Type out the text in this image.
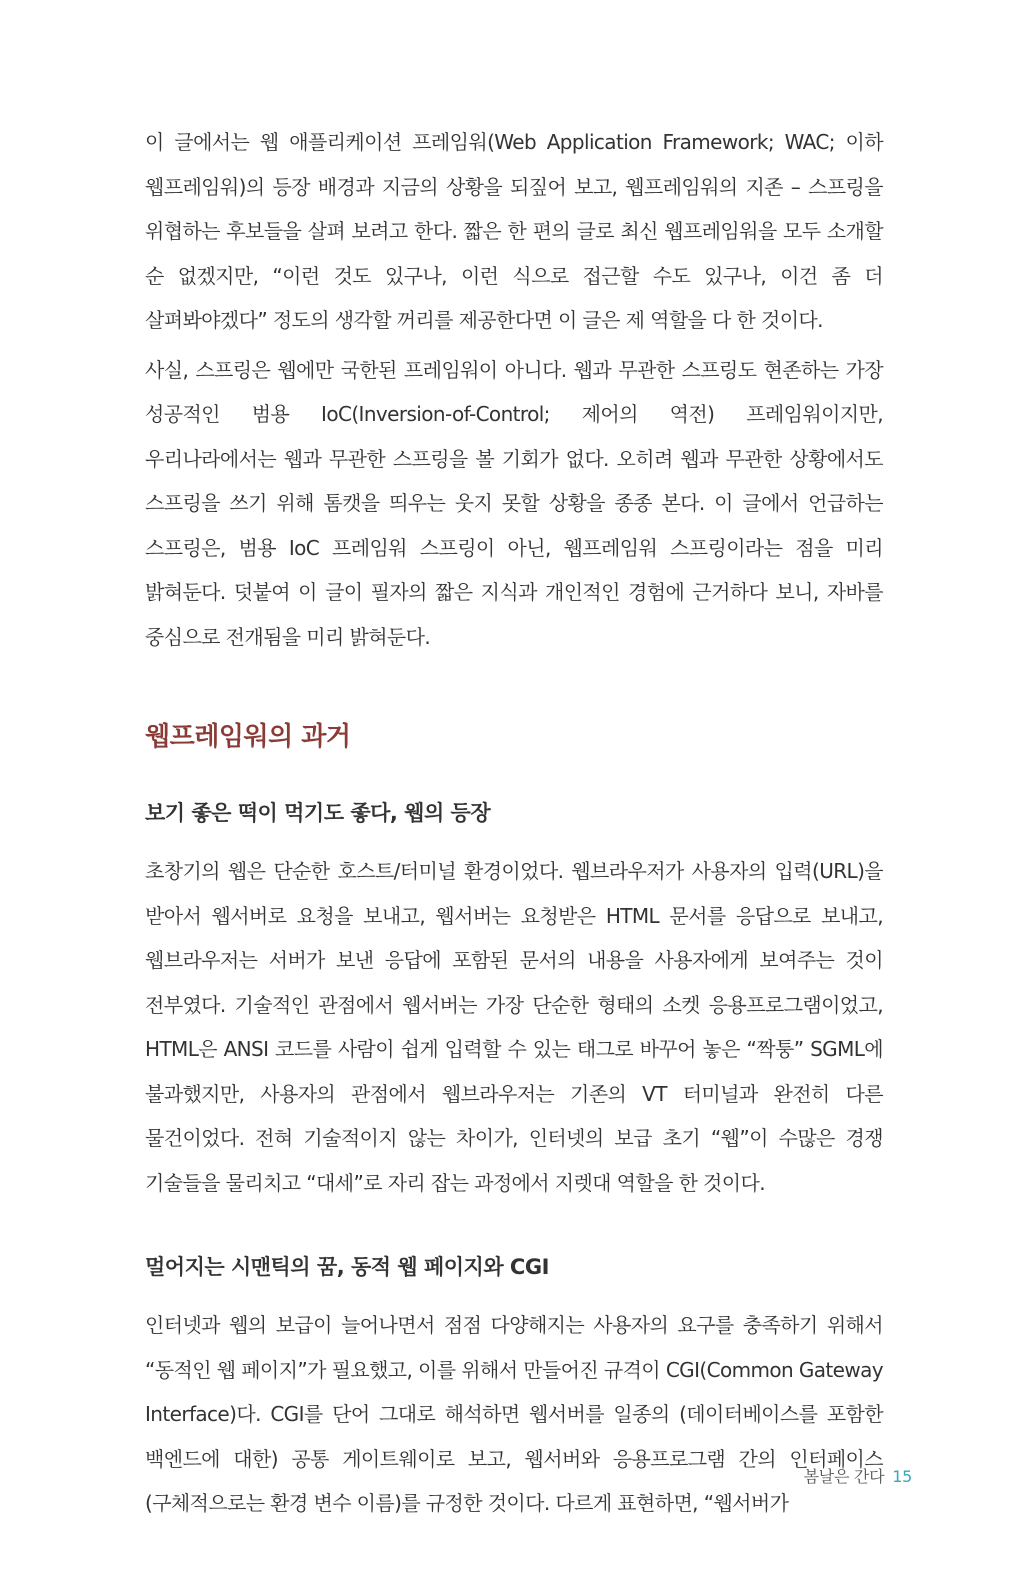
이 글에서는 웹 애플리케이션 프레임워(Web Application Framework; WAC; 이하 웹프레임워)의 등장 배경과 지금의 상황을 되짚어 보고, 웹프레임워의 지존 – 스프링을 위협하는 후보들을 살펴 보려고 한다. 짧은 한 편의 글로 최신 웹프레임워을 모두 소개할 순 없겠지만, “이런 것도 있구나, 이런 식으로 접근할 수도 있구나, 이건 좀 더 살펴봐야겠다” 정도의 생각할 꺼리를 제공한다면 이 글은 제 역할을 다 한 것이다.

사실, 스프링은 웹에만 국한된 프레임워이 아니다. 웹과 무관한 스프링도 현존하는 가장 성공적인 범용 IoC(Inversion-of-Control; 제어의 역전) 프레임워이지만, 우리나라에서는 웹과 무관한 스프링을 볼 기회가 없다. 오히려 웹과 무관한 상황에서도 스프링을 쓰기 위해 톰캣을 띄우는 웃지 못할 상황을 종종 본다. 이 글에서 언급하는 스프링은, 범용 IoC 프레임워 스프링이 아닌, 웹프레임워 스프링이라는 점을 미리 밝혀둔다. 덧붙여 이 글이 필자의 짧은 지식과 개인적인 경험에 근거하다 보니, 자바를 중심으로 전개됨을 미리 밝혀둔다.

웹프레임워의 과거
보기 좋은 떡이 먹기도 좋다, 웹의 등장

초창기의 웹은 단순한 호스트/터미널 환경이었다. 웹브라우저가 사용자의 입력(URL)을 받아서 웹서버로 요청을 보내고, 웹서버는 요청받은 HTML 문서를 응답으로 보내고, 웹브라우저는 서버가 보낸 응답에 포함된 문서의 내용을 사용자에게 보여주는 것이 전부였다. 기술적인 관점에서 웹서버는 가장 단순한 형태의 소켓 응용프로그램이었고, HTML은 ANSI 코드를 사람이 쉽게 입력할 수 있는 태그로 바꾸어 놓은 “짝퉁” SGML에 불과했지만, 사용자의 관점에서 웹브라우저는 기존의 VT 터미널과 완전히 다른 물건이었다. 전혀 기술적이지 않는 차이가, 인터넷의 보급 초기 “웹”이 수많은 경쟁 기술들을 물리치고 “대세”로 자리 잡는 과정에서 지렛대 역할을 한 것이다.

멀어지는 시맨틱의 꿈, 동적 웹 페이지와 CGI

인터넷과 웹의 보급이 늘어나면서 점점 다양해지는 사용자의 요구를 충족하기 위해서 “동적인 웹 페이지”가 필요했고, 이를 위해서 만들어진 규격이 CGI(Common Gateway Interface)다. CGI를 단어 그대로 해석하면 웹서버를 일종의 (데이터베이스를 포함한 백엔드에 대한) 공통 게이트웨이로 보고, 웹서버와 응용프로그램 간의 인터페이스(구체적으로는 환경 변수 이름)를 규정한 것이다. 다르게 표현하면, “웹서버가

봄날은 간다 15
